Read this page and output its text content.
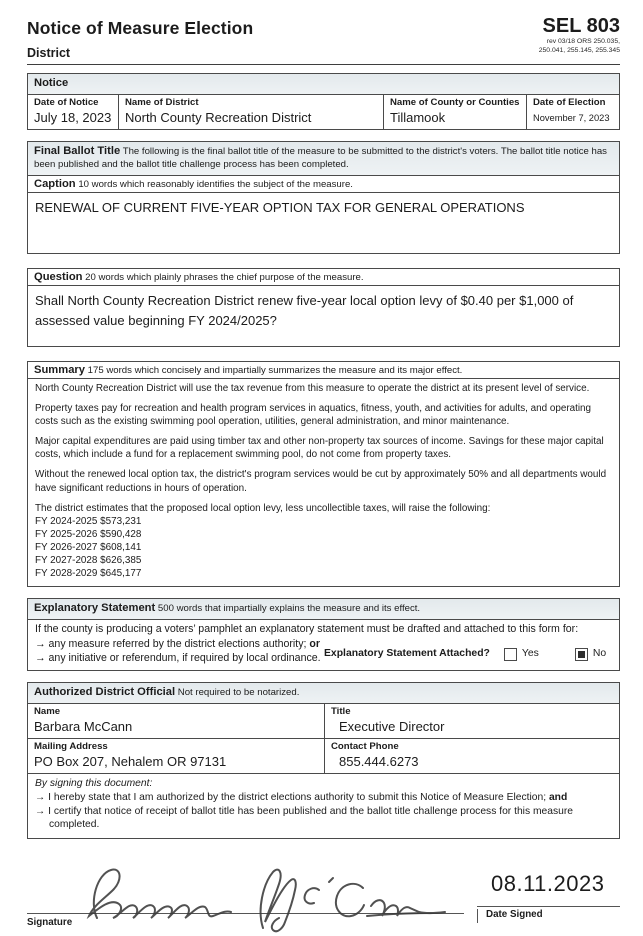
Notice of Measure Election
District
SEL 803
rev 03/18 ORS 250.035,
250.041, 255.145, 255.345
Notice
Date of Notice
July 18, 2023
Name of District
North County Recreation District
Name of County or Counties
Tillamook
Date of Election
November 7, 2023
Final Ballot Title The following is the final ballot title of the measure to be submitted to the district's voters. The ballot title notice has been published and the ballot title challenge process has been completed.
Caption 10 words which reasonably identifies the subject of the measure.
RENEWAL OF CURRENT FIVE-YEAR OPTION TAX FOR GENERAL OPERATIONS
Question 20 words which plainly phrases the chief purpose of the measure.
Shall North County Recreation District renew five-year local option levy of $0.40 per $1,000 of assessed value beginning FY 2024/2025?
Summary 175 words which concisely and impartially summarizes the measure and its major effect.

North County Recreation District will use the tax revenue from this measure to operate the district at its present level of service.

Property taxes pay for recreation and health program services in aquatics, fitness, youth, and activities for adults, and operating costs such as the existing swimming pool operation, utilities, general administration, and minor maintenance.

Major capital expenditures are paid using timber tax and other non-property tax sources of income. Savings for these major capital costs, which include a fund for a replacement swimming pool, do not come from property taxes.

Without the renewed local option tax, the district's program services would be cut by approximately 50% and all departments would have significant reductions in hours of operation.

The district estimates that the proposed local option levy, less uncollectible taxes, will raise the following:

FY 2024-2025 $573,231
FY 2025-2026 $590,428
FY 2026-2027 $608,141
FY 2027-2028 $626,385
FY 2028-2029 $645,177
Explanatory Statement 500 words that impartially explains the measure and its effect.
If the county is producing a voters’ pamphlet an explanatory statement must be drafted and attached to this form for:
→ any measure referred by the district elections authority; or
→ any initiative or referendum, if required by local ordinance. Explanatory Statement Attached?	Yes	No
Authorized District Official Not required to be notarized.
Name
Barbara McCann
Title
Executive Director
Mailing Address
PO Box 207, Nehalem OR 97131
Contact Phone
855.444.6273
By signing this document:
→ I hereby state that I am authorized by the district elections authority to submit this Notice of Measure Election; and
→ I certify that notice of receipt of ballot title has been published and the ballot title challenge process for this measure completed.
Signature
08.11.2023
Date Signed
